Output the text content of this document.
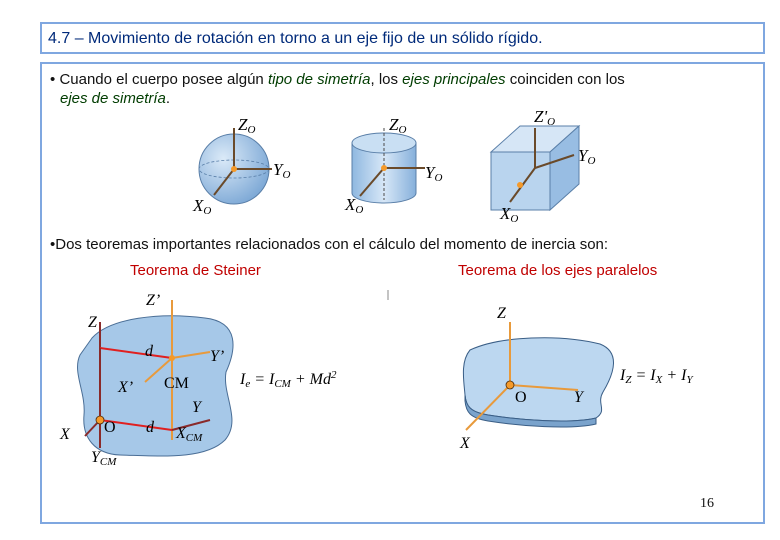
4.7 – Movimiento de rotación en torno a un eje fijo de un sólido rígido.
• Cuando el cuerpo posee algún tipo de simetría, los ejes principales coinciden con los
ejes de simetría.
ZO
YO
XO
ZO
YO
XO
Z'O
YO
XO
Z’
Z
d	Y’
X’ CM
Y
X O d XCM
YCM
Ie = ICM + $Md^2$
Z
O	Y
X
IZ = IX + IY
•Dos teoremas importantes relacionados con el cálculo del momento de inercia son:
Teorema de Steiner	Teorema de los ejes paralelos
16
